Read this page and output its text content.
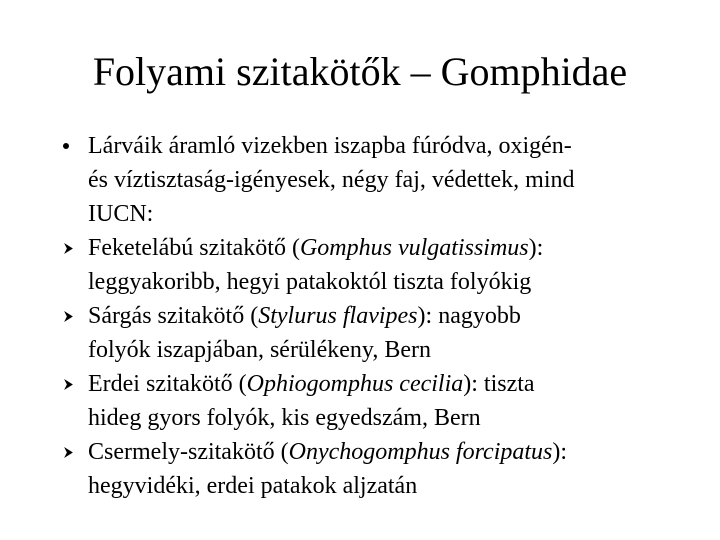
Folyami szitakötők – Gomphidae
Lárváik áramló vizekben iszapba fúródva, oxigén-
és víztisztaság-igényesek, négy faj, védettek, mind
IUCN:
Feketelábú szitakötő (Gomphus vulgatissimus):
leggyakoribb, hegyi patakoktól tiszta folyókig
Sárgás szitakötő (Stylurus flavipes): nagyobb
folyók iszapjában, sérülékeny, Bern
Erdei szitakötő (Ophiogomphus cecilia): tiszta
hideg gyors folyók, kis egyedszám, Bern
Csermely-szitakötő (Onychogomphus forcipatus):
hegyvidéki, erdei patakok aljzatán
